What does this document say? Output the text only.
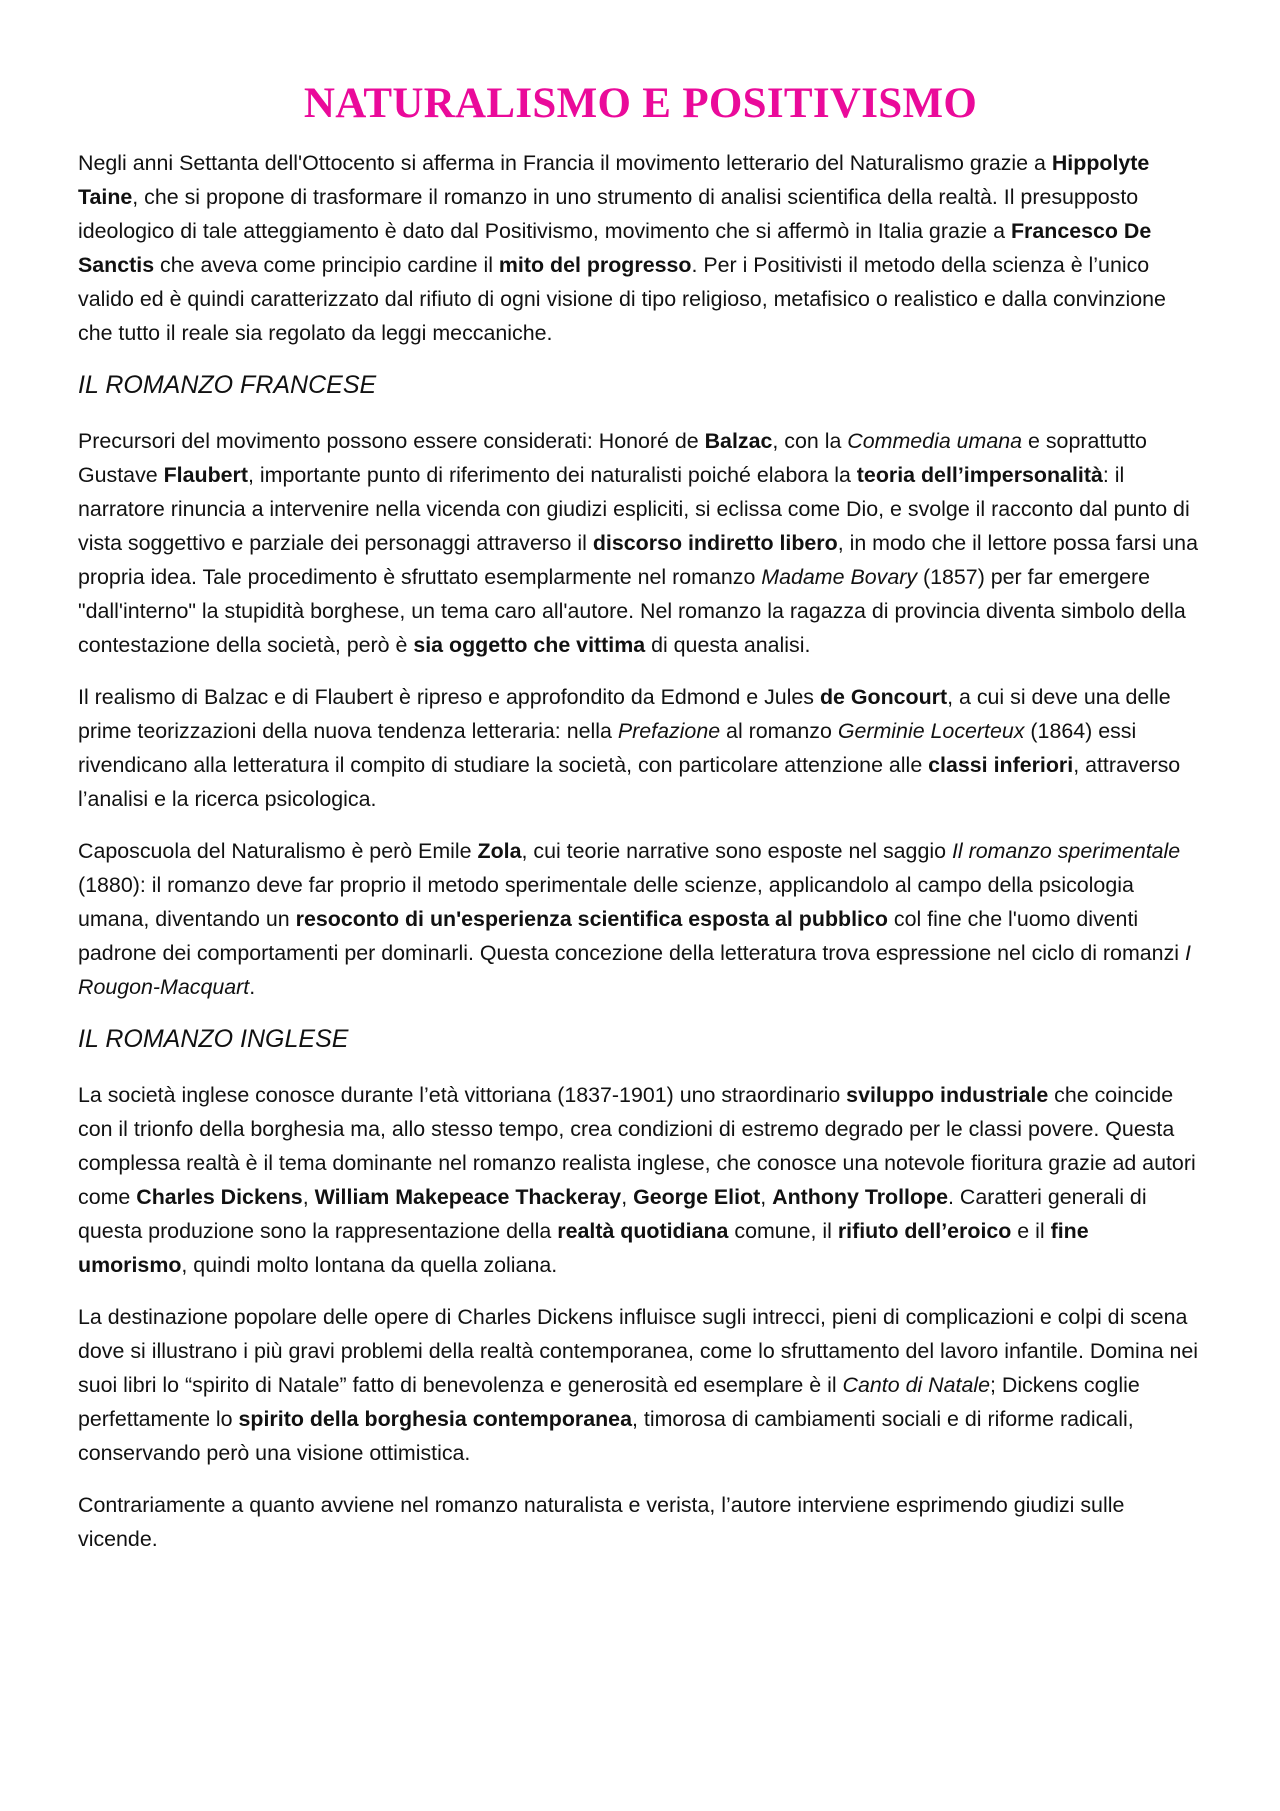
NATURALISMO E POSITIVISMO

Negli anni Settanta dell'Ottocento si afferma in Francia il movimento letterario del Naturalismo grazie a Hippolyte Taine, che si propone di trasformare il romanzo in uno strumento di analisi scientifica della realtà. Il presupposto ideologico di tale atteggiamento è dato dal Positivismo, movimento che si affermò in Italia grazie a Francesco De Sanctis che aveva come principio cardine il mito del progresso. Per i Positivisti il metodo della scienza è l’unico valido ed è quindi caratterizzato dal rifiuto di ogni visione di tipo religioso, metafisico o realistico e dalla convinzione che tutto il reale sia regolato da leggi meccaniche.

IL ROMANZO FRANCESE

Precursori del movimento possono essere considerati: Honoré de Balzac, con la Commedia umana e soprattutto Gustave Flaubert, importante punto di riferimento dei naturalisti poiché elabora la teoria dell’impersonalità: il narratore rinuncia a intervenire nella vicenda con giudizi espliciti, si eclissa come Dio, e svolge il racconto dal punto di vista soggettivo e parziale dei personaggi attraverso il discorso indiretto libero, in modo che il lettore possa farsi una propria idea. Tale procedimento è sfruttato esemplarmente nel romanzo Madame Bovary (1857) per far emergere "dall'interno" la stupidità borghese, un tema caro all'autore. Nel romanzo la ragazza di provincia diventa simbolo della contestazione della società, però è sia oggetto che vittima di questa analisi.

Il realismo di Balzac e di Flaubert è ripreso e approfondito da Edmond e Jules de Goncourt, a cui si deve una delle prime teorizzazioni della nuova tendenza letteraria: nella Prefazione al romanzo Germinie Locerteux (1864) essi rivendicano alla letteratura il compito di studiare la società, con particolare attenzione alle classi inferiori, attraverso l’analisi e la ricerca psicologica.

Caposcuola del Naturalismo è però Emile Zola, cui teorie narrative sono esposte nel saggio Il romanzo sperimentale (1880): il romanzo deve far proprio il metodo sperimentale delle scienze, applicandolo al campo della psicologia umana, diventando un resoconto di un'esperienza scientifica esposta al pubblico col fine che l'uomo diventi padrone dei comportamenti per dominarli. Questa concezione della letteratura trova espressione nel ciclo di romanzi I Rougon-Macquart.

IL ROMANZO INGLESE

La società inglese conosce durante l’età vittoriana (1837-1901) uno straordinario sviluppo industriale che coincide con il trionfo della borghesia ma, allo stesso tempo, crea condizioni di estremo degrado per le classi povere. Questa complessa realtà è il tema dominante nel romanzo realista inglese, che conosce una notevole fioritura grazie ad autori come Charles Dickens, William Makepeace Thackeray, George Eliot, Anthony Trollope. Caratteri generali di questa produzione sono la rappresentazione della realtà quotidiana comune, il rifiuto dell’eroico e il fine umorismo, quindi molto lontana da quella zoliana.

La destinazione popolare delle opere di Charles Dickens influisce sugli intrecci, pieni di complicazioni e colpi di scena dove si illustrano i più gravi problemi della realtà contemporanea, come lo sfruttamento del lavoro infantile. Domina nei suoi libri lo “spirito di Natale” fatto di benevolenza e generosità ed esemplare è il Canto di Natale; Dickens coglie perfettamente lo spirito della borghesia contemporanea, timorosa di cambiamenti sociali e di riforme radicali, conservando però una visione ottimistica.

Contrariamente a quanto avviene nel romanzo naturalista e verista, l’autore interviene esprimendo giudizi sulle vicende.
